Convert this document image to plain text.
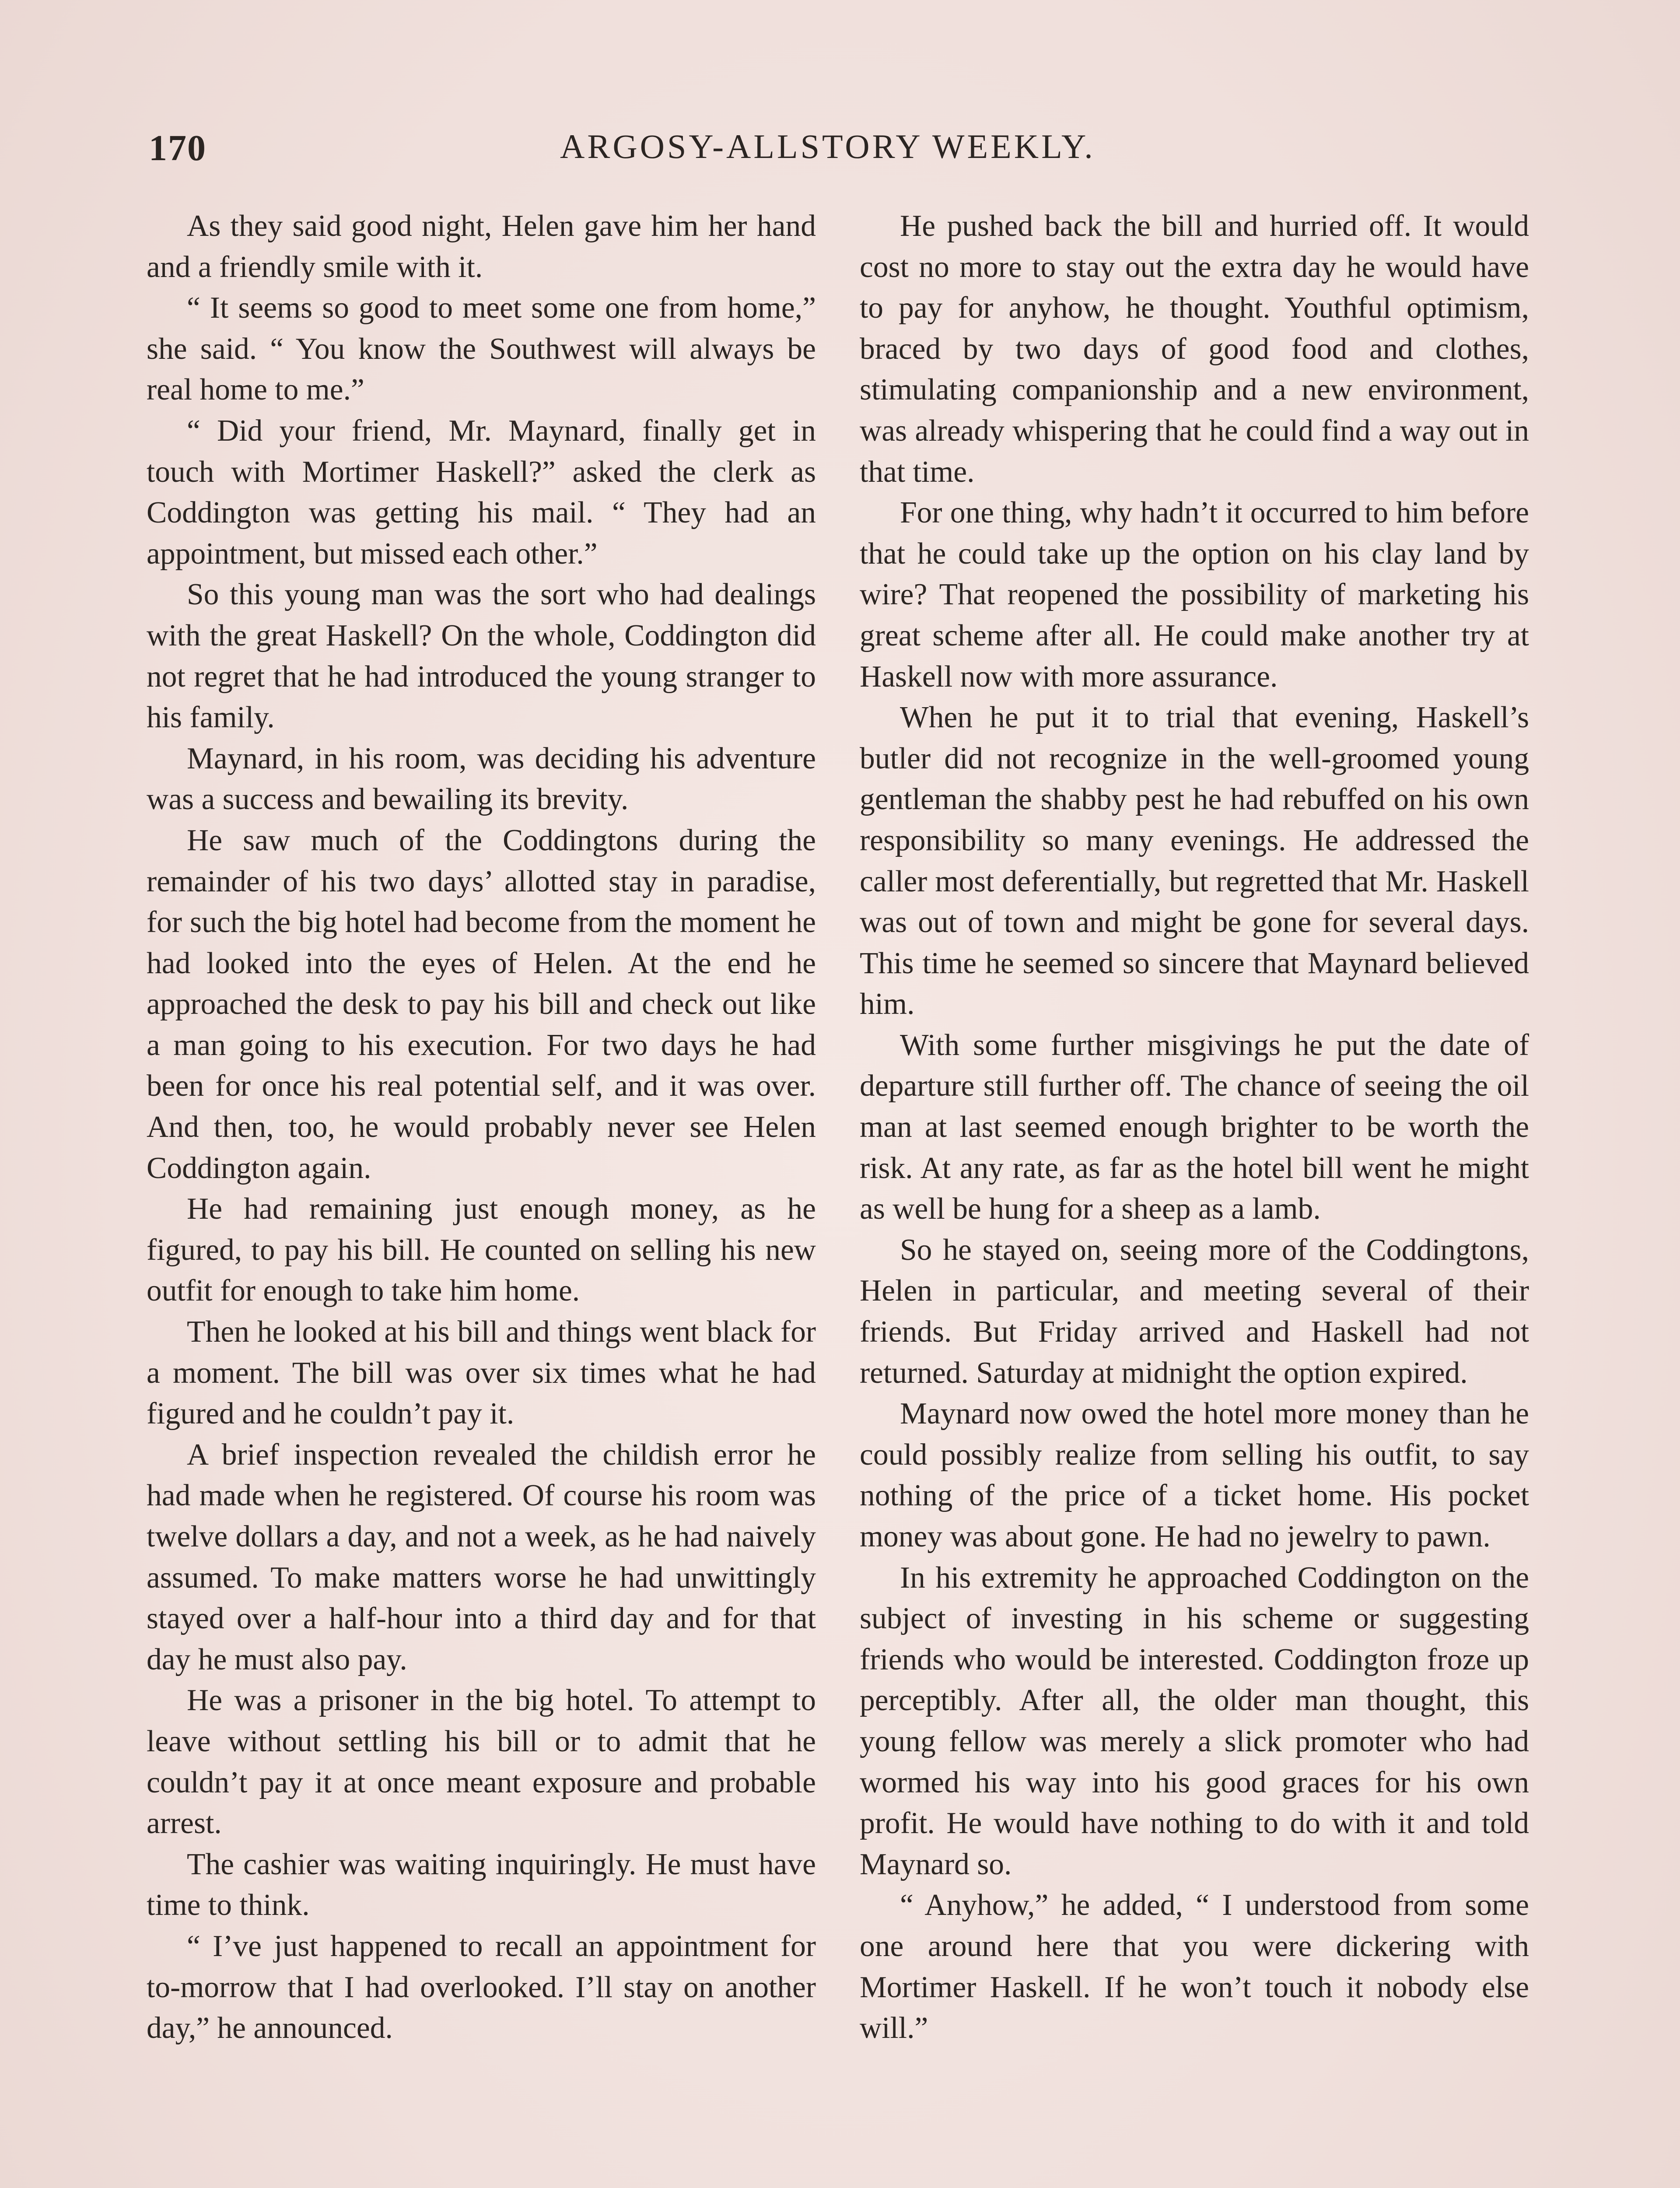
170	ARGOSY-ALLSTORY WEEKLY.

As they said good night, Helen gave him her hand and a friendly smile with it.

“ It seems so good to meet some one from home,” she said. “ You know the Southwest will always be real home to me.”

“ Did your friend, Mr. Maynard, finally get in touch with Mortimer Haskell?” asked the clerk as Coddington was getting his mail. “ They had an appointment, but missed each other.”

So this young man was the sort who had dealings with the great Haskell? On the whole, Coddington did not regret that he had introduced the young stranger to his family.

Maynard, in his room, was deciding his adventure was a success and bewailing its brevity.

He saw much of the Coddingtons during the remainder of his two days’ allotted stay in paradise, for such the big hotel had become from the moment he had looked into the eyes of Helen. At the end he approached the desk to pay his bill and check out like a man going to his execution. For two days he had been for once his real potential self, and it was over. And then, too, he would probably never see Helen Coddington again.

He had remaining just enough money, as he figured, to pay his bill. He counted on selling his new outfit for enough to take him home.

Then he looked at his bill and things went black for a moment. The bill was over six times what he had figured and he couldn’t pay it.

A brief inspection revealed the childish error he had made when he registered. Of course his room was twelve dollars a day, and not a week, as he had naively assumed. To make matters worse he had unwittingly stayed over a half-hour into a third day and for that day he must also pay.

He was a prisoner in the big hotel. To attempt to leave without settling his bill or to admit that he couldn’t pay it at once meant exposure and probable arrest.

The cashier was waiting inquiringly. He must have time to think.

“ I’ve just happened to recall an appointment for to-morrow that I had overlooked. I’ll stay on another day,” he announced.

He pushed back the bill and hurried off. It would cost no more to stay out the extra day he would have to pay for anyhow, he thought. Youthful optimism, braced by two days of good food and clothes, stimulating companionship and a new environment, was already whispering that he could find a way out in that time.

For one thing, why hadn’t it occurred to him before that he could take up the option on his clay land by wire? That reopened the possibility of marketing his great scheme after all. He could make another try at Haskell now with more assurance.

When he put it to trial that evening, Haskell’s butler did not recognize in the well-groomed young gentleman the shabby pest he had rebuffed on his own responsibility so many evenings. He addressed the caller most deferentially, but regretted that Mr. Haskell was out of town and might be gone for several days. This time he seemed so sincere that Maynard believed him.

With some further misgivings he put the date of departure still further off. The chance of seeing the oil man at last seemed enough brighter to be worth the risk. At any rate, as far as the hotel bill went he might as well be hung for a sheep as a lamb.

So he stayed on, seeing more of the Coddingtons, Helen in particular, and meeting several of their friends. But Friday arrived and Haskell had not returned. Saturday at midnight the option expired.

Maynard now owed the hotel more money than he could possibly realize from selling his outfit, to say nothing of the price of a ticket home. His pocket money was about gone. He had no jewelry to pawn.

In his extremity he approached Coddington on the subject of investing in his scheme or suggesting friends who would be interested. Coddington froze up perceptibly. After all, the older man thought, this young fellow was merely a slick promoter who had wormed his way into his good graces for his own profit. He would have nothing to do with it and told Maynard so.

“ Anyhow,” he added, “ I understood from some one around here that you were dickering with Mortimer Haskell. If he won’t touch it nobody else will.”
